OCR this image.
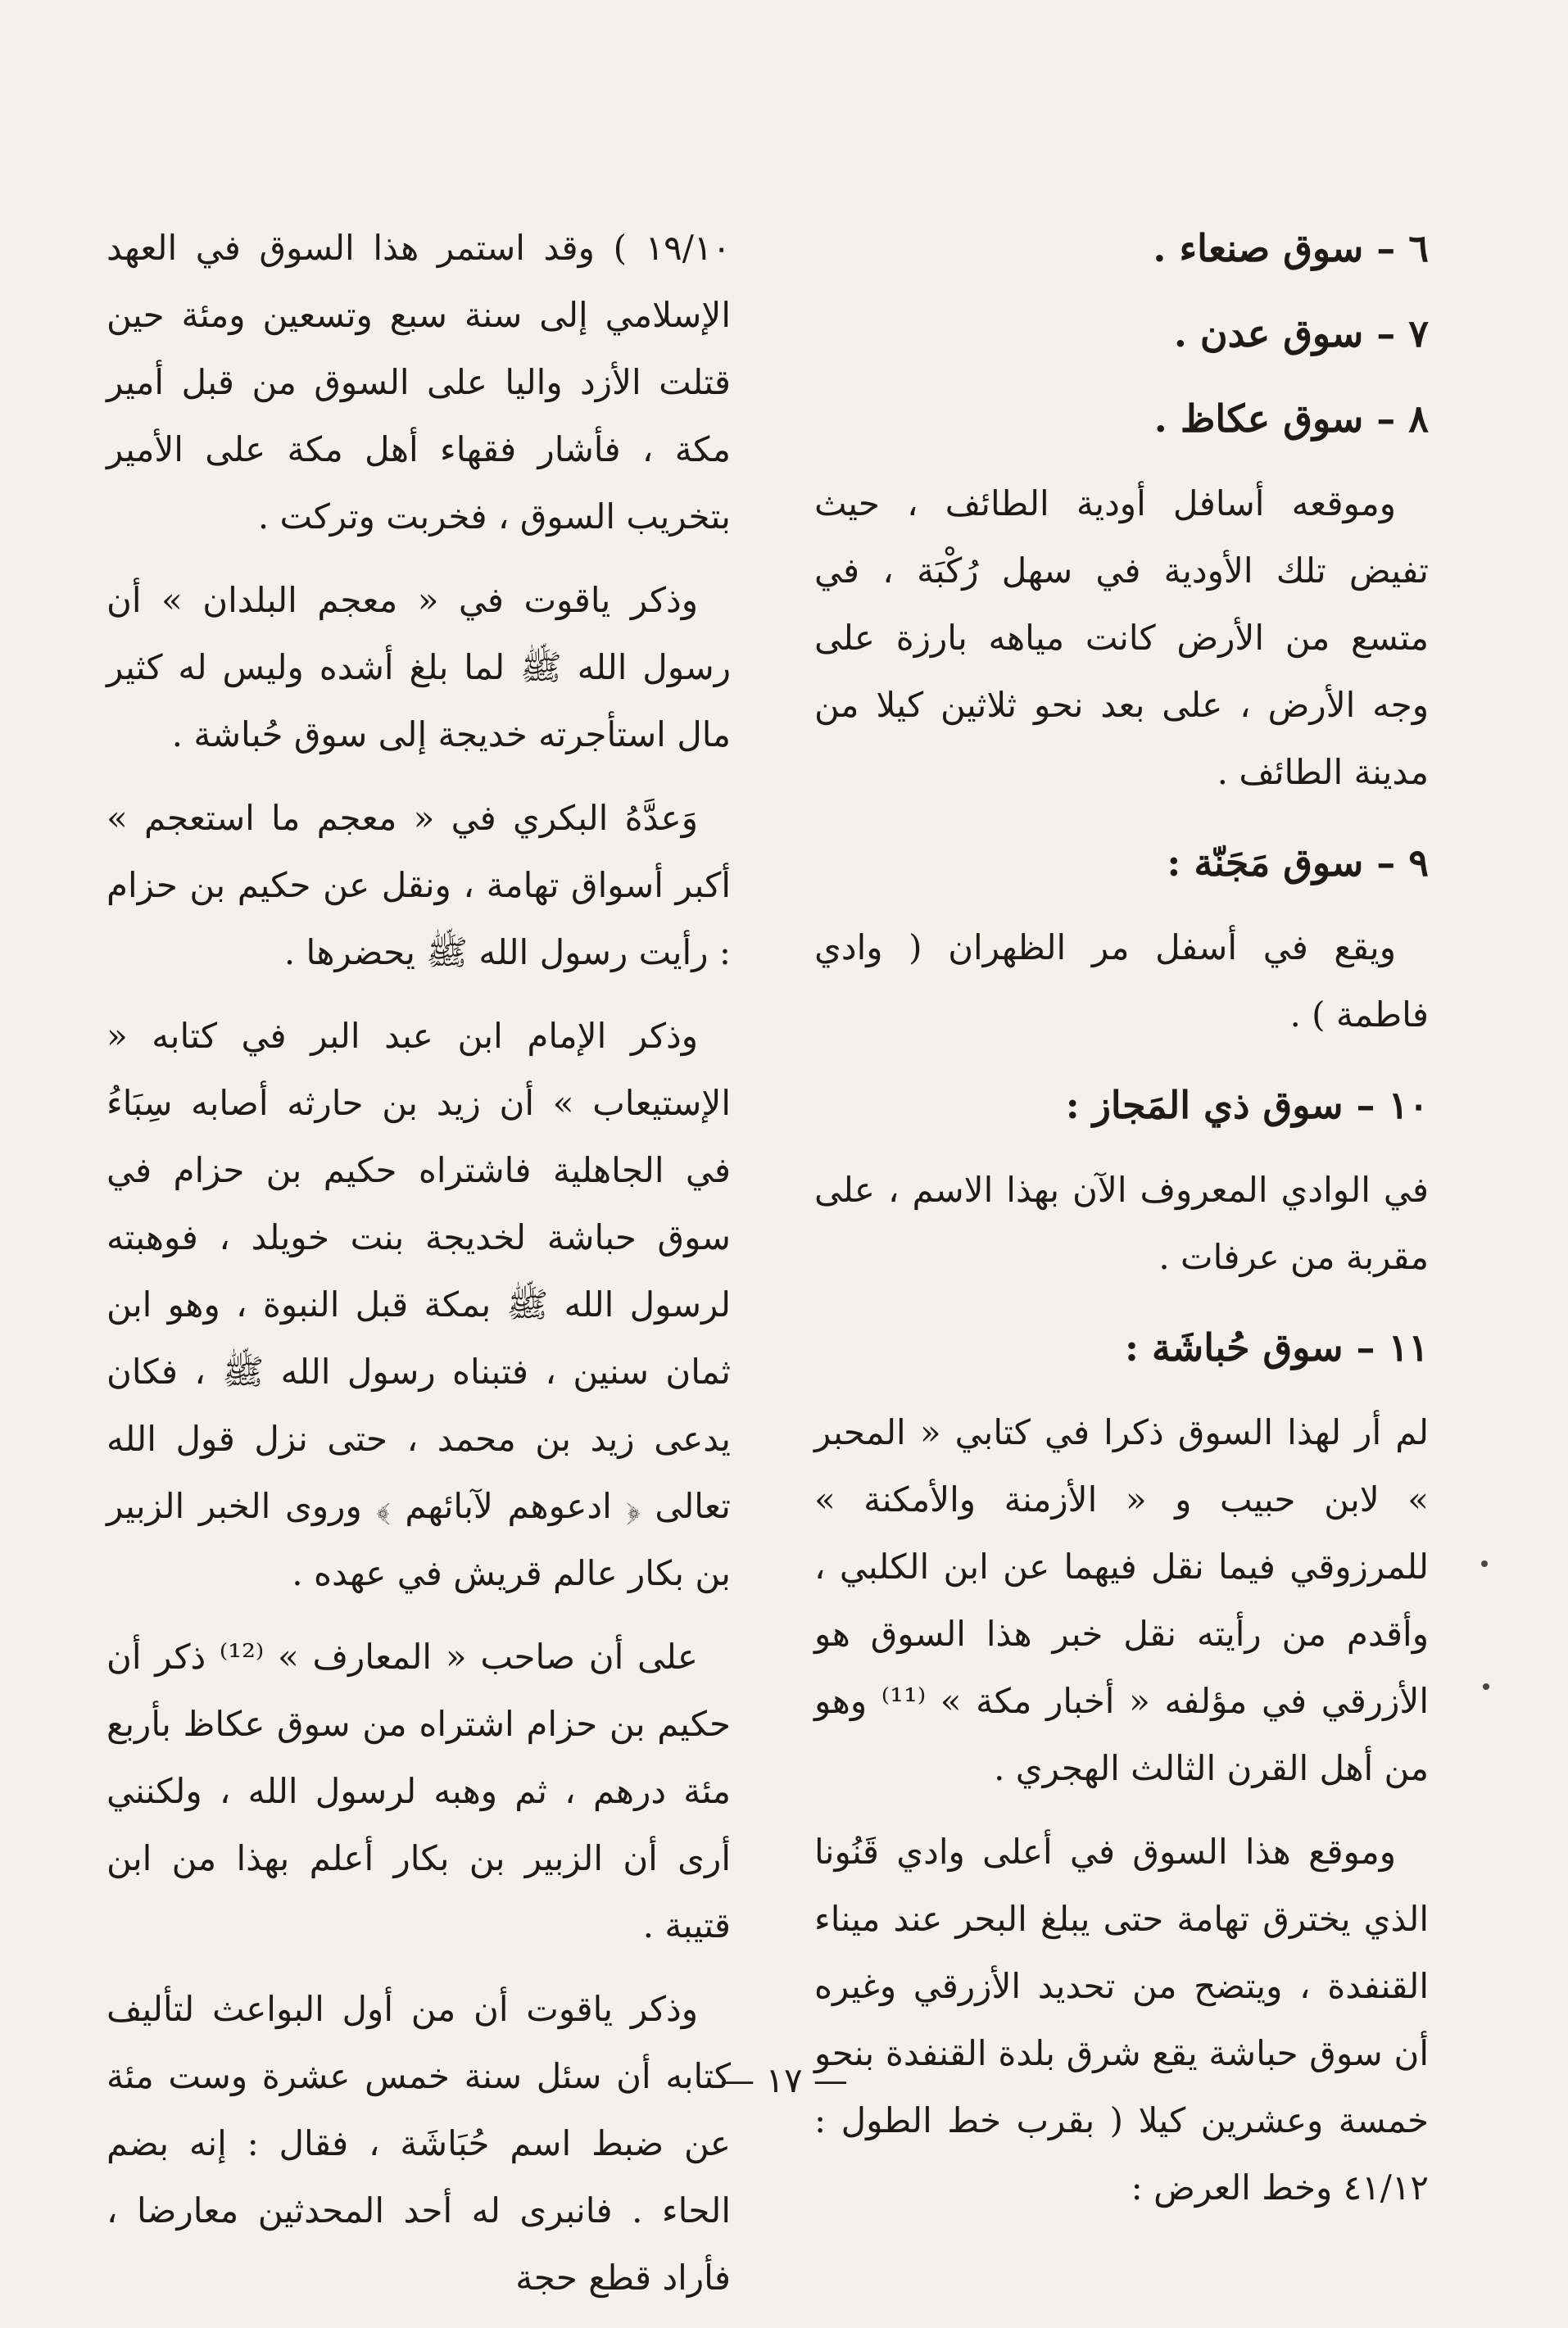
٦ – سوق صنعاء .
٧ – سوق عدن .
٨ – سوق عكاظ .

وموقعه أسافل أودية الطائف ، حيث تفيض تلك الأودية في سهل رُكْبَة ، في متسع من الأرض كانت مياهه بارزة على وجه الأرض ، على بعد نحو ثلاثين كيلا من مدينة الطائف .

٩ – سوق مَجَنّة :

ويقع في أسفل مر الظهران ( وادي فاطمة ) .

١٠ – سوق ذي المَجاز :

في الوادي المعروف الآن بهذا الاسم ، على مقربة من عرفات .

١١ – سوق حُباشَة :

لم أر لهذا السوق ذكرا في كتابي « المحبر » لابن حبيب و « الأزمنة والأمكنة » للمرزوقي فيما نقل فيهما عن ابن الكلبي ، وأقدم من رأيته نقل خبر هذا السوق هو الأزرقي في مؤلفه « أخبار مكة » ⁽¹¹⁾ وهو من أهل القرن الثالث الهجري .

وموقع هذا السوق في أعلى وادي قَنُونا الذي يخترق تهامة حتى يبلغ البحر عند ميناء القنفدة ، ويتضح من تحديد الأزرقي وغيره أن سوق حباشة يقع شرق بلدة القنفدة بنحو خمسة وعشرين كيلا ( بقرب خط الطول : ٤١/١٢ وخط العرض :

١٩/١٠ ) وقد استمر هذا السوق في العهد الإسلامي إلى سنة سبع وتسعين ومئة حين قتلت الأزد واليا على السوق من قبل أمير مكة ، فأشار فقهاء أهل مكة على الأمير بتخريب السوق ، فخربت وتركت .

وذكر ياقوت في « معجم البلدان » أن رسول الله ﷺ لما بلغ أشده وليس له كثير مال استأجرته خديجة إلى سوق حُباشة .

وَعدَّهُ البكري في « معجم ما استعجم » أكبر أسواق تهامة ، ونقل عن حكيم بن حزام : رأيت رسول الله ﷺ يحضرها .

وذكر الإمام ابن عبد البر في كتابه « الإستيعاب » أن زيد بن حارثه أصابه سِبَاءُ في الجاهلية فاشتراه حكيم بن حزام في سوق حباشة لخديجة بنت خويلد ، فوهبته لرسول الله ﷺ بمكة قبل النبوة ، وهو ابن ثمان سنين ، فتبناه رسول الله ﷺ ، فكان يدعى زيد بن محمد ، حتى نزل قول الله تعالى ﴿ ادعوهم لآبائهم ﴾ وروى الخبر الزبير بن بكار عالم قريش في عهده .

على أن صاحب « المعارف » ⁽¹²⁾ ذكر أن حكيم بن حزام اشتراه من سوق عكاظ بأربع مئة درهم ، ثم وهبه لرسول الله ، ولكنني أرى أن الزبير بن بكار أعلم بهذا من ابن قتيبة .

وذكر ياقوت أن من أول البواعث لتأليف كتابه أن سئل سنة خمس عشرة وست مئة عن ضبط اسم حُبَاشَة ، فقال : إنه بضم الحاء . فانبرى له أحد المحدثين معارضا ، فأراد قطع حجة

— ١٧ —
